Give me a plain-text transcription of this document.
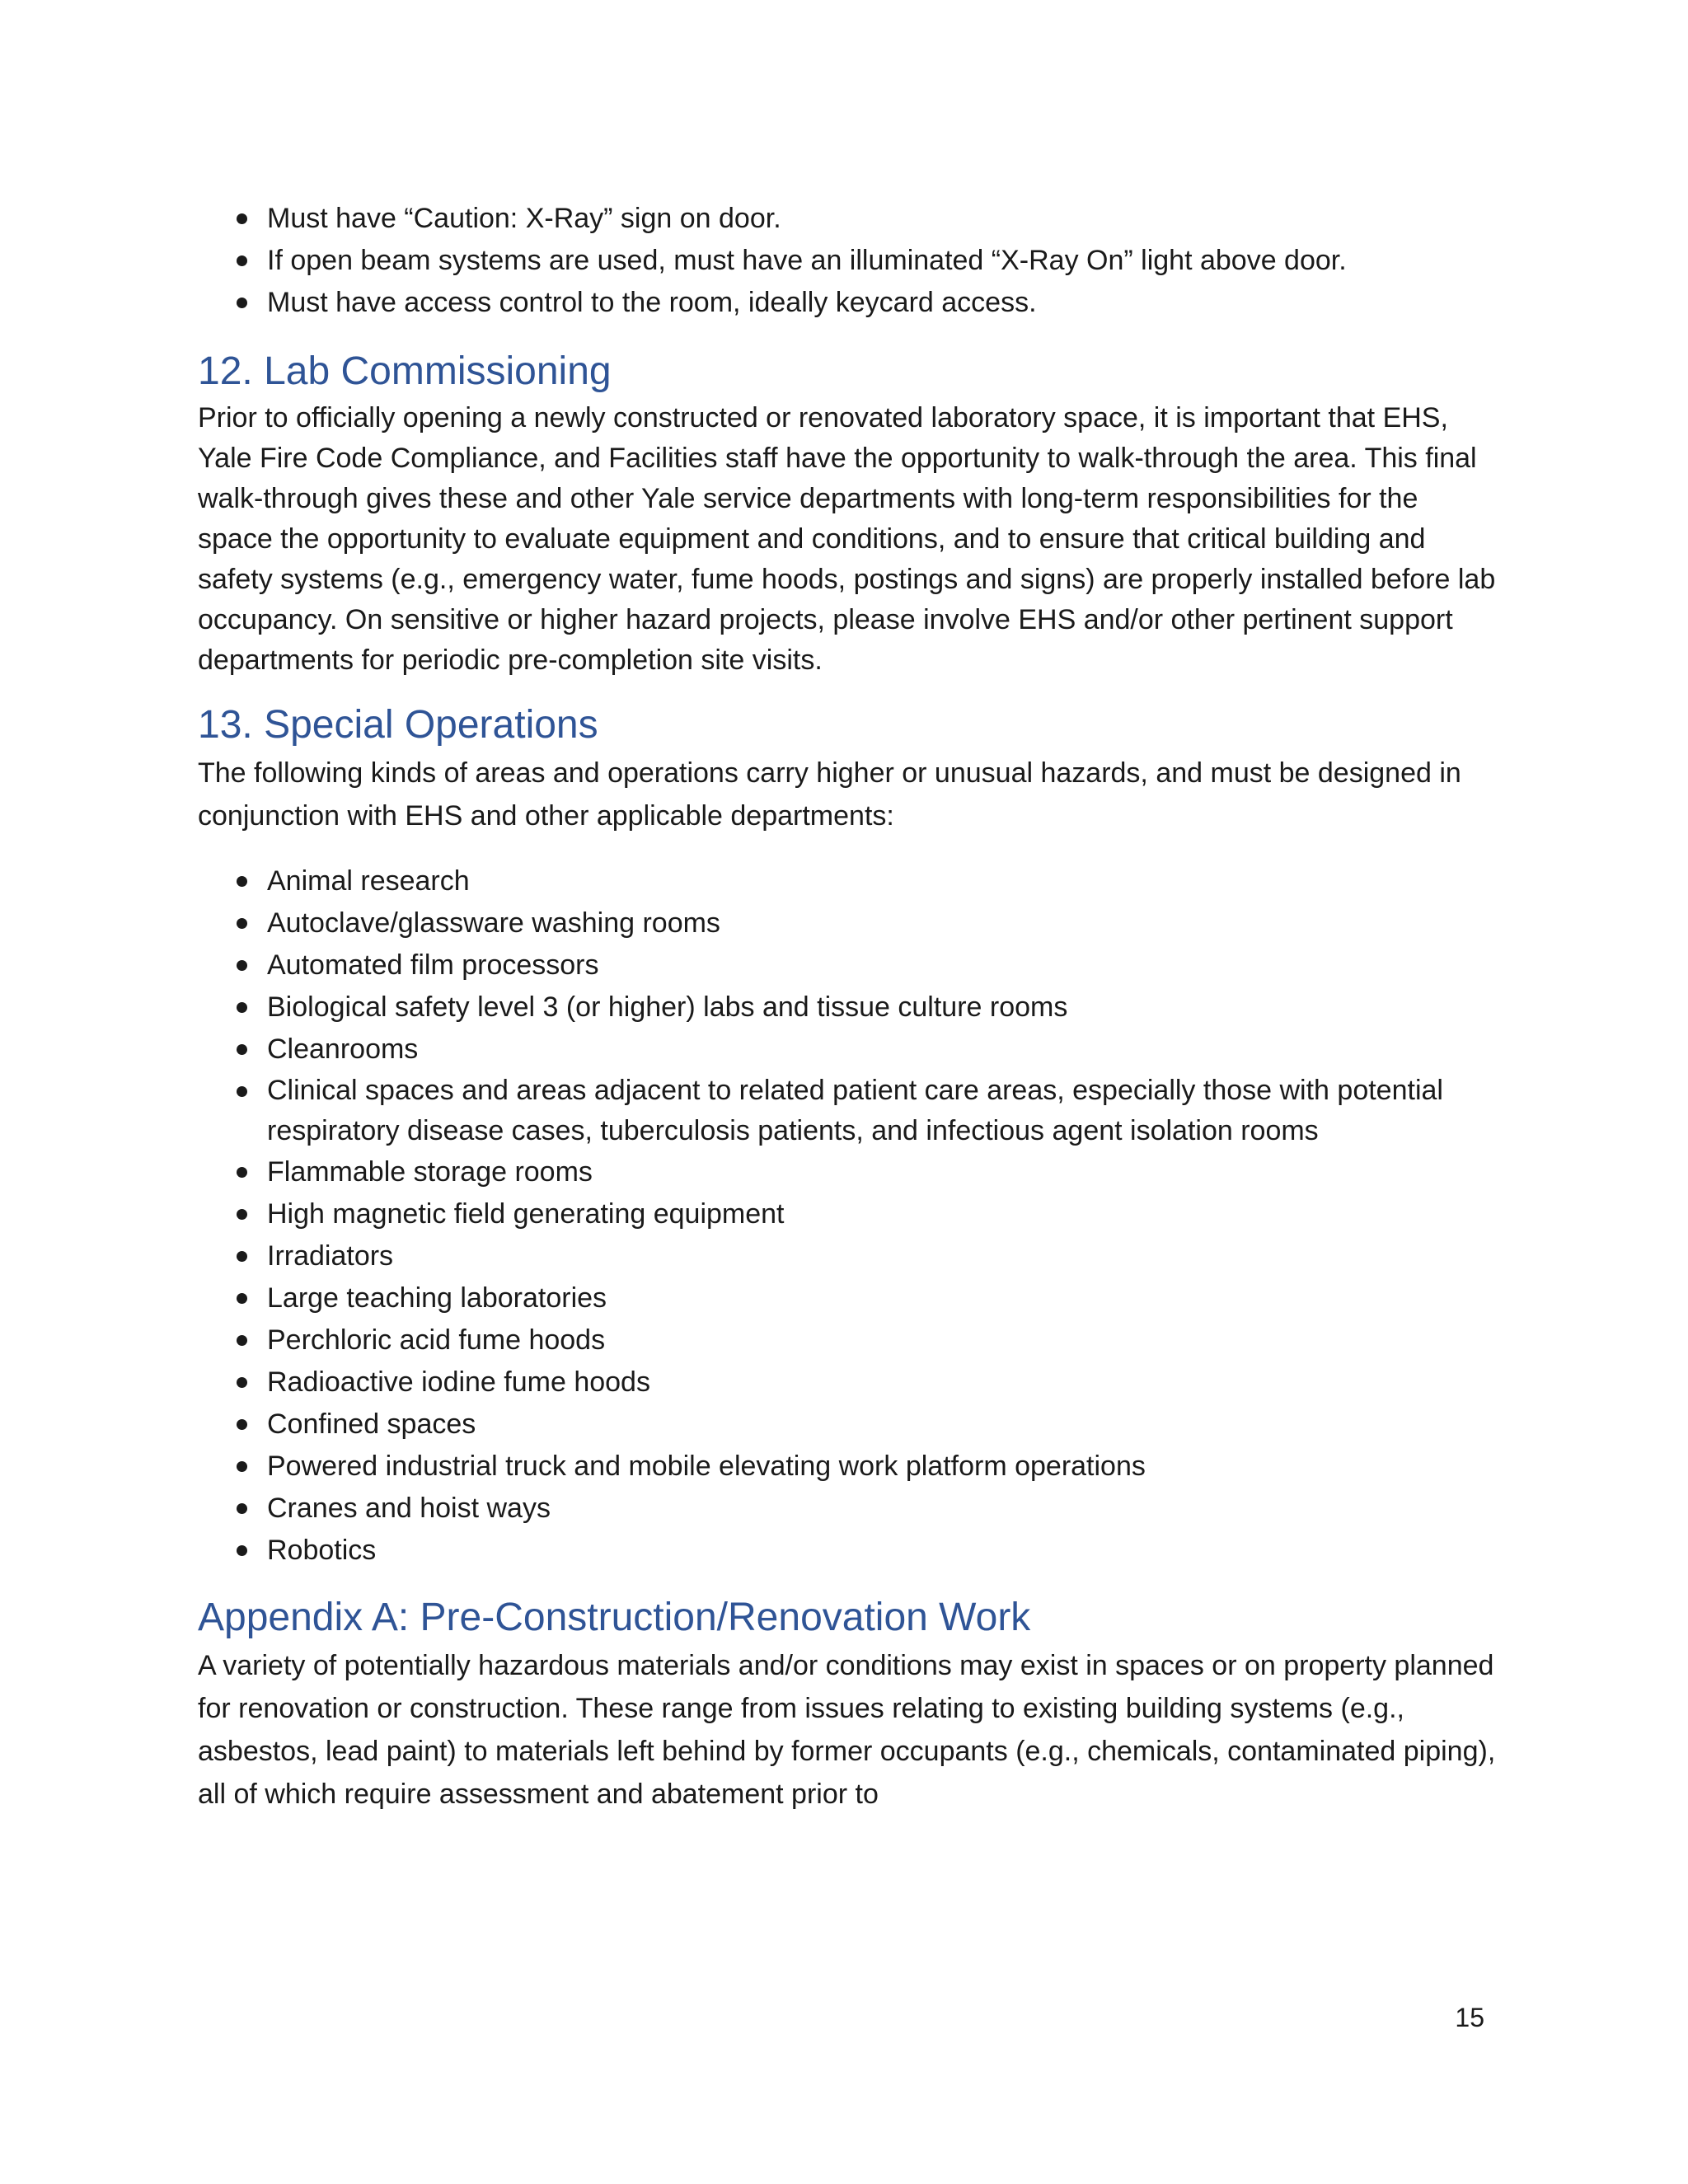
Must have “Caution: X-Ray” sign on door.
If open beam systems are used, must have an illuminated “X-Ray On” light above door.
Must have access control to the room, ideally keycard access.
12. Lab Commissioning

Prior to officially opening a newly constructed or renovated laboratory space, it is important that EHS, Yale Fire Code Compliance, and Facilities staff have the opportunity to walk-through the area. This final walk-through gives these and other Yale service departments with long-term responsibilities for the space the opportunity to evaluate equipment and conditions, and to ensure that critical building and safety systems (e.g., emergency water, fume hoods, postings and signs) are properly installed before lab occupancy. On sensitive or higher hazard projects, please involve EHS and/or other pertinent support departments for periodic pre-completion site visits.

13. Special Operations

The following kinds of areas and operations carry higher or unusual hazards, and must be designed in conjunction with EHS and other applicable departments:

Animal research
Autoclave/glassware washing rooms
Automated film processors
Biological safety level 3 (or higher) labs and tissue culture rooms
Cleanrooms
Clinical spaces and areas adjacent to related patient care areas, especially those with potential respiratory disease cases, tuberculosis patients, and infectious agent isolation rooms
Flammable storage rooms
High magnetic field generating equipment
Irradiators
Large teaching laboratories
Perchloric acid fume hoods
Radioactive iodine fume hoods
Confined spaces
Powered industrial truck and mobile elevating work platform operations
Cranes and hoist ways
Robotics
Appendix A: Pre-Construction/Renovation Work

A variety of potentially hazardous materials and/or conditions may exist in spaces or on property planned for renovation or construction. These range from issues relating to existing building systems (e.g., asbestos, lead paint) to materials left behind by former occupants (e.g., chemicals, contaminated piping), all of which require assessment and abatement prior to

15
